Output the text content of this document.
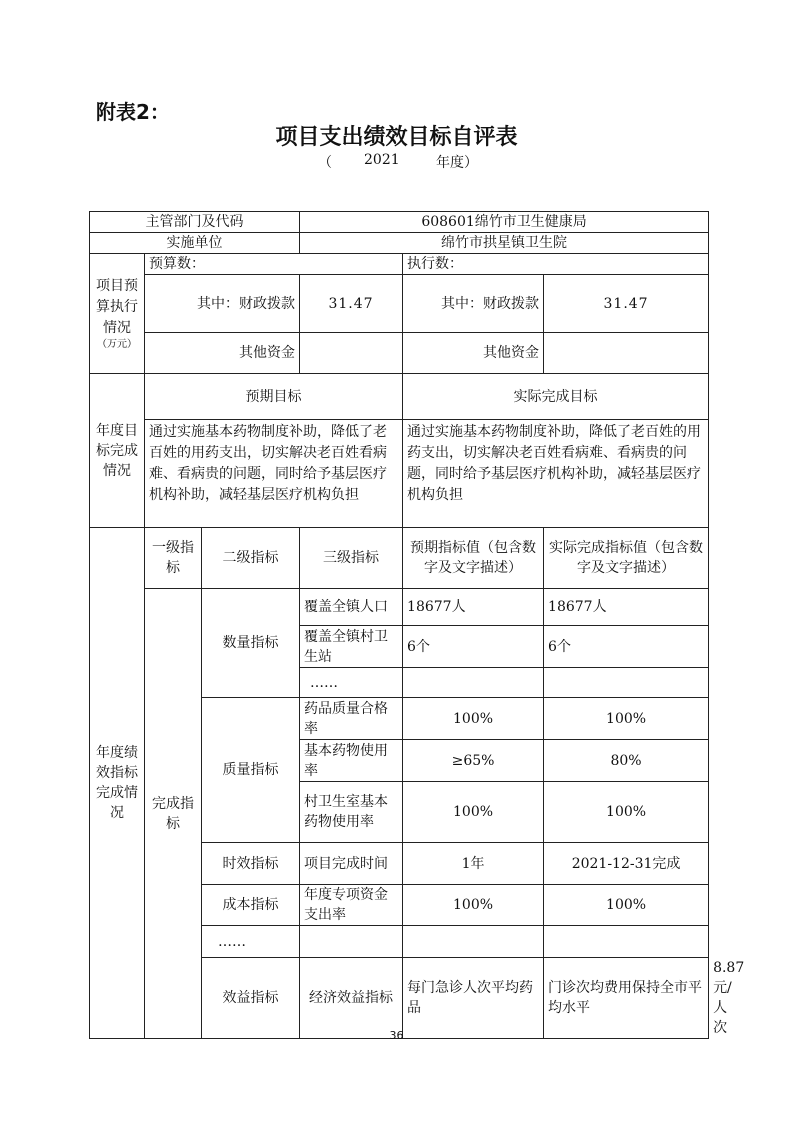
附表2：
项目支出绩效目标自评表
（ 2021	年度）
主管部门及代码			608601绵竹市卫生健康局			
实施单位			绵竹市拱星镇卫生院			

项目预算执行情况
（万元）	预算数：			执行数：		
	其中：财政拨款		31.47	其中：财政拨款	31.47	
	其他资金			其他资金		
年度目标完成情况	预期目标			实际完成目标		
	通过实施基本药物制度补助，降低了老百姓的用药支出，切实解决老百姓看病难、看病贵的问题，同时给予基层医疗机构补助，减轻基层医疗机构负担			通过实施基本药物制度补助，降低了老百姓的用药支出，切实解决老百姓看病难、看病贵的问题，同时给予基层医疗机构补助，减轻基层医疗机构负担		
年度绩效指标完成情况	一级指标	二级指标	三级指标	预期指标值（包含数字及文字描述）	实际完成指标值（包含数字及文字描述）	
	完成指标	数量指标	覆盖全镇人口	18677人	18677人	
			覆盖全镇村卫生站	6个	6个	
			……			
		质量指标	药品质量合格率	100%	100%	
			基本药物使用率	≥65%	80%	
			村卫生室基本药物使用率	100%	100%	
		时效指标	项目完成时间	1年	2021-12-31完成	
		成本指标	年度专项资金支出率	100%	100%	
		……				
		效益指标	经济效益指标	每门急诊人次平均药品	门诊次均费用保持全市平均水平	8.87元/人次
36
